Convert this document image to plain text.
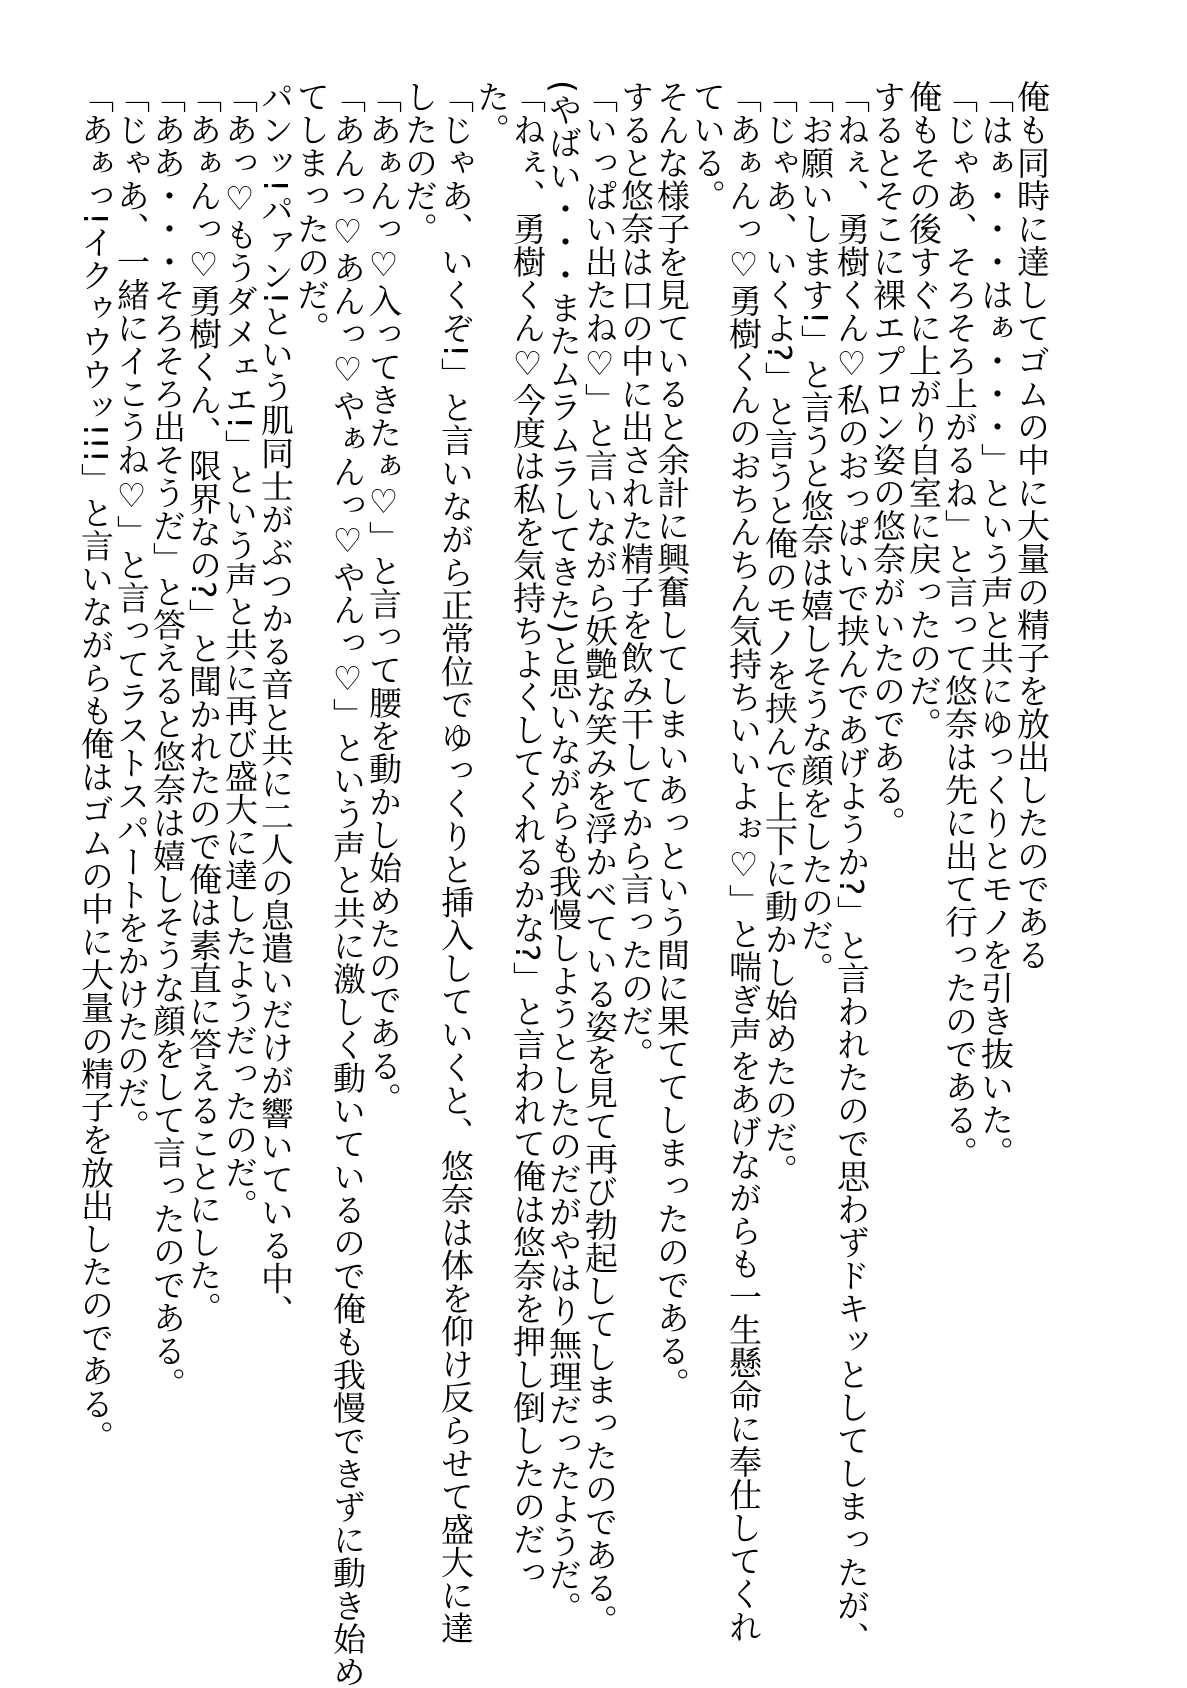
俺も同時に達してゴムの中に大量の精子を放出したのである
「はぁ・・・はぁ・・・」という声と共にゆっくりとモノを引き抜いた。
「じゃあ、そろそろ上がるね」と言って悠奈は先に出て行ったのである。
俺もその後すぐに上がり自室に戻ったのだ。
するとそこに裸エプロン姿の悠奈がいたのである。
「ねぇ、勇樹くん♡私のおっぱいで挟んであげようか?」と言われたので思わずドキッとしてしまったが、
「お願いします!」と言うと悠奈は嬉しそうな顔をしたのだ。
「じゃあ、いくよ?」と言うと俺のモノを挟んで上下に動かし始めたのだ。
「あぁんっ♡勇樹くんのおちんちん気持ちいいよぉ♡」と喘ぎ声をあげながらも一生懸命に奉仕してくれ
ている。
そんな様子を見ていると余計に興奮してしまいあっという間に果ててしまったのである。
すると悠奈は口の中に出された精子を飲み干してから言ったのだ。
「いっぱい出たね♡」と言いながら妖艶な笑みを浮かべている姿を見て再び勃起してしまったのである。
(やばい・・・またムラムラしてきた)と思いながらも我慢しようとしたのだがやはり無理だったようだ。
「ねぇ、勇樹くん♡今度は私を気持ちよくしてくれるかな?」と言われて俺は悠奈を押し倒したのだっ
た。
「じゃあ、いくぞ!」と言いながら正常位でゆっくりと挿入していくと、悠奈は体を仰け反らせて盛大に達
したのだ。
「あぁんっ♡入ってきたぁ♡」と言って腰を動かし始めたのである。
「あんっ♡あんっ♡やぁんっ♡やんっ♡」という声と共に激しく動いているので俺も我慢できずに動き始め
てしまったのだ。
パンッ!パァン!という肌同士がぶつかる音と共に二人の息遣いだけが響いている中、
「あっ♡もうダメェエ!」という声と共に再び盛大に達したようだったのだ。
「あぁんっ♡勇樹くん、限界なの?」と聞かれたので俺は素直に答えることにした。
「ああ・・・そろそろ出そうだ」と答えると悠奈は嬉しそうな顔をして言ったのである。
「じゃあ、一緒にイこうね♡」と言ってラストスパートをかけたのだ。
「あぁっ!イクゥウウッ!!!」と言いながらも俺はゴムの中に大量の精子を放出したのである。
